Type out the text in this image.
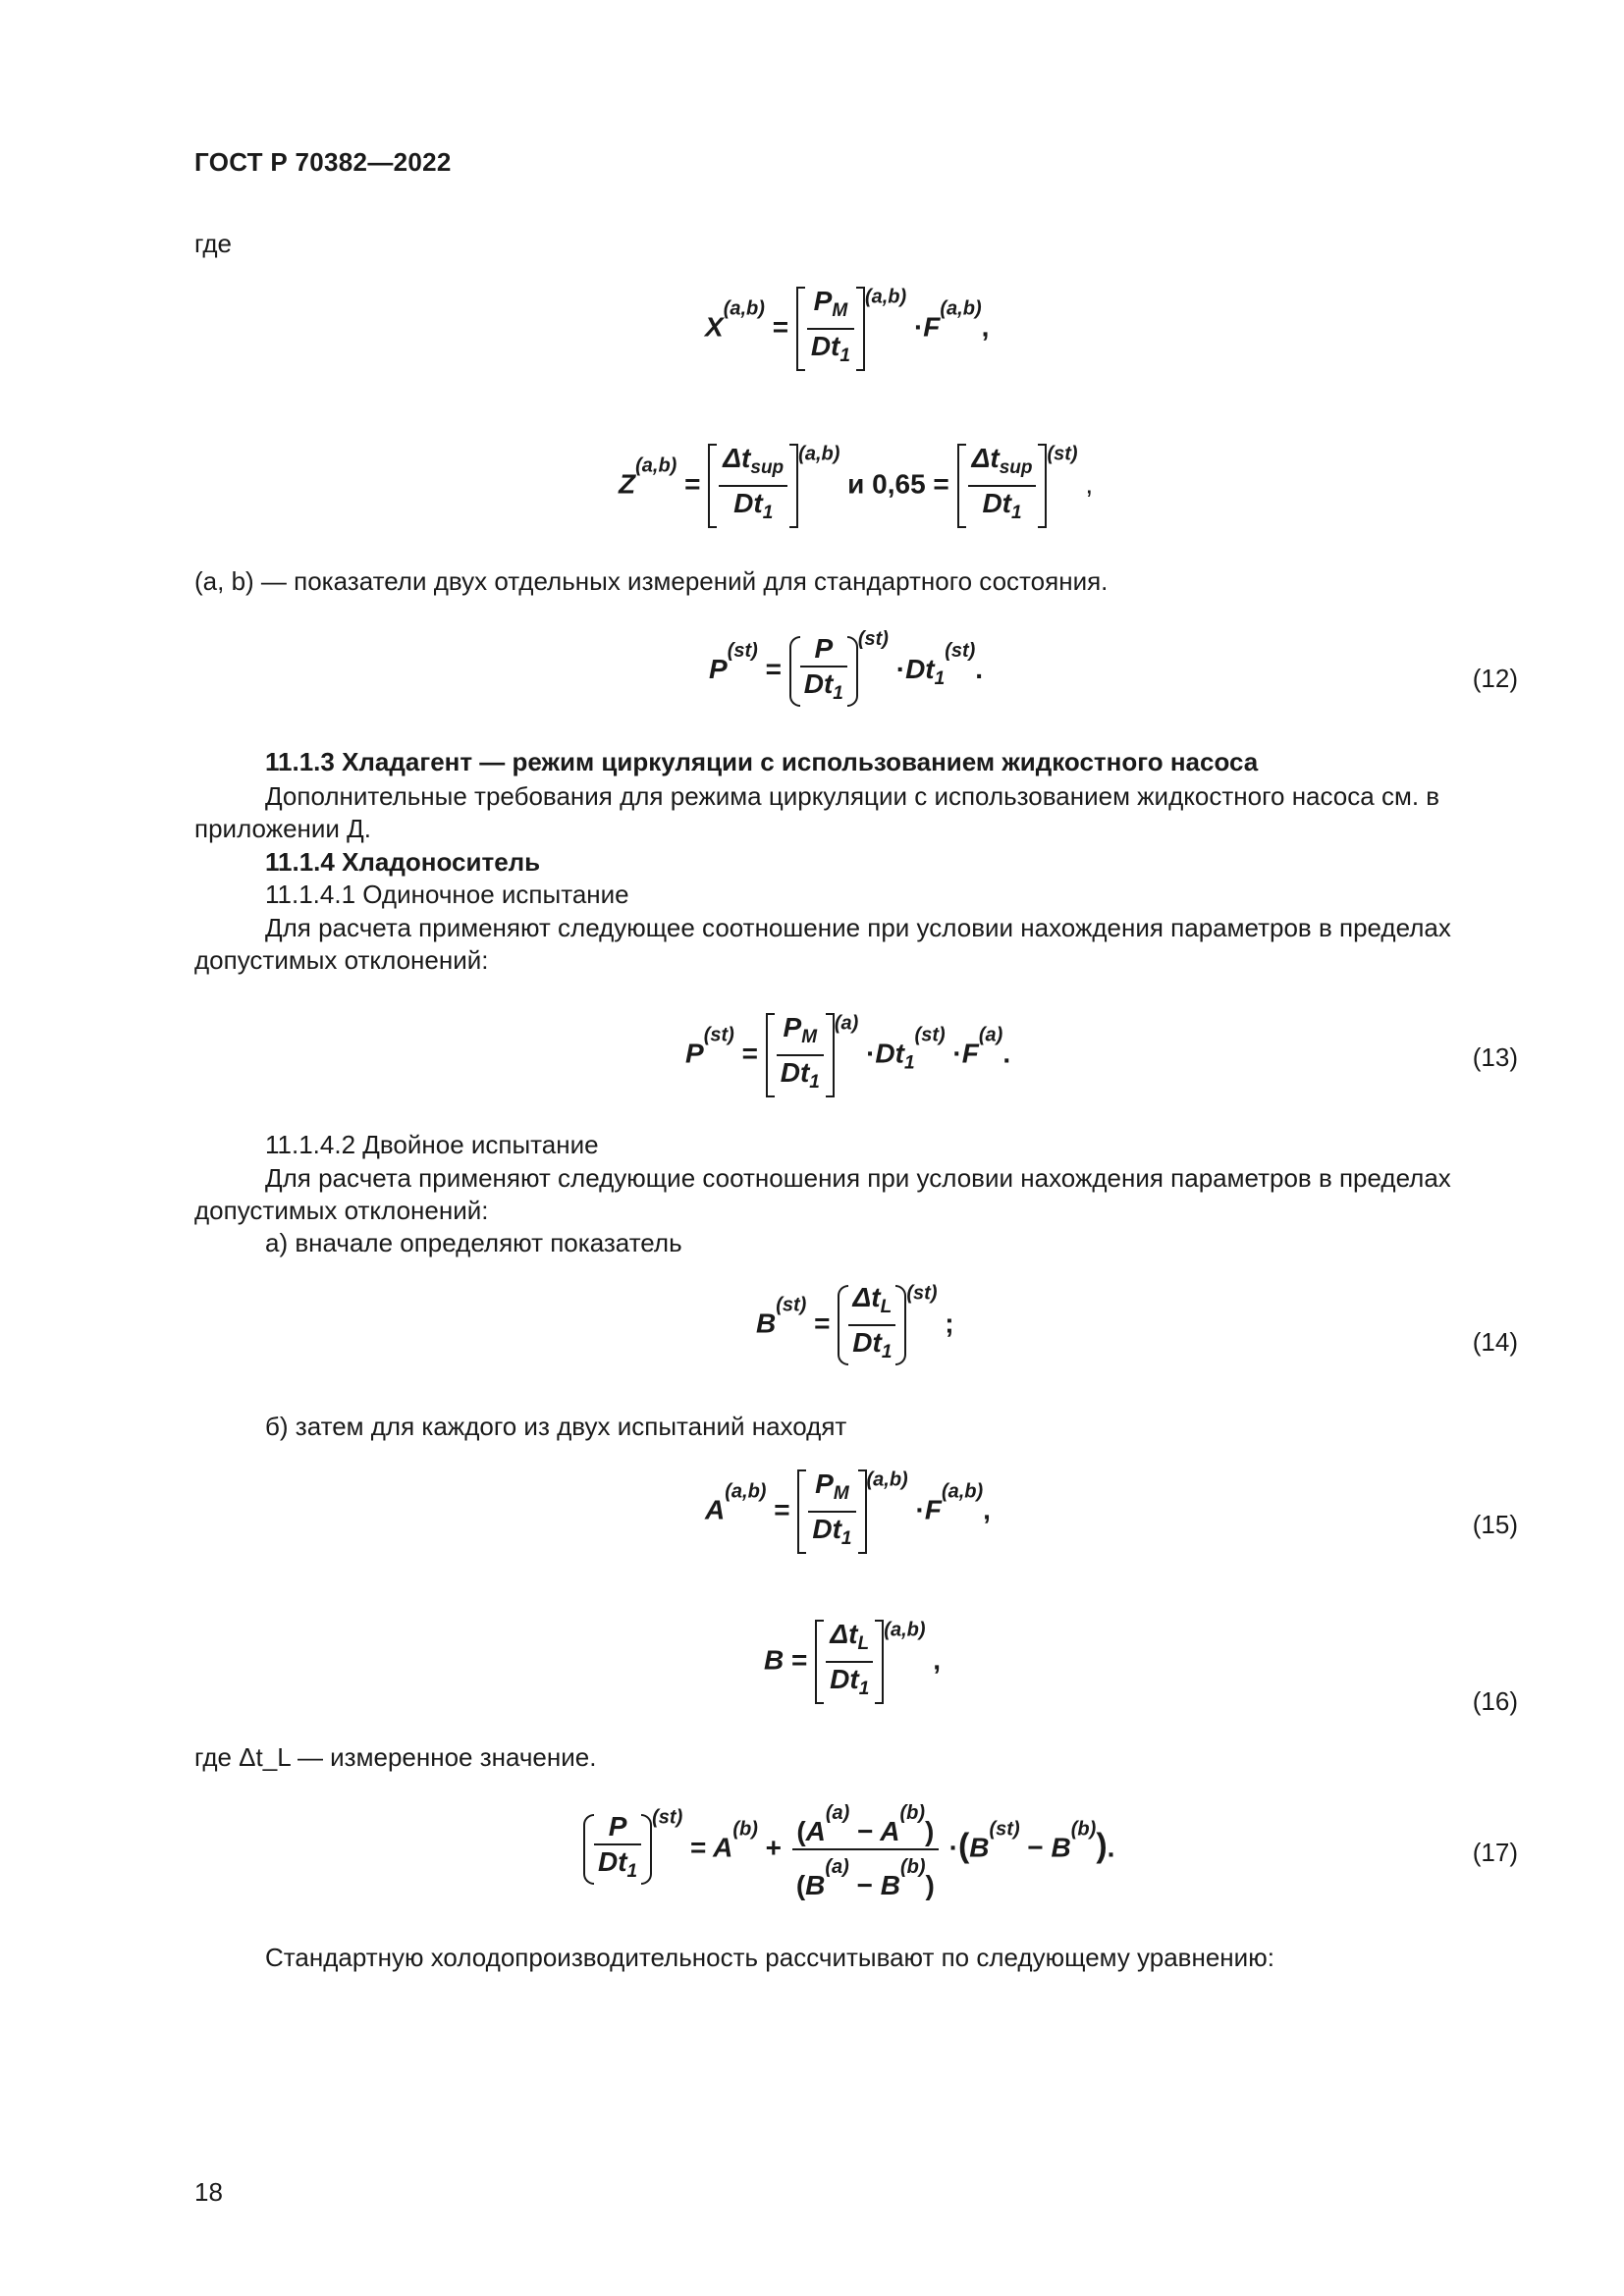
ГОСТ Р 70382—2022
где
$X^{(a,b)} = \frac{P_M}{Dt_1} ^{(a,b)} \cdot F^{(a,b)}$,
$Z^{(a,b)} = \frac{\Delta t_{sup}}{Dt_1} ^{(a,b)}$ и $0,65 = \frac{\Delta t_{sup}}{Dt_1} ^{(st)}$ ,
(a, b) — показатели двух отдельных измерений для стандартного состояния.
$P^{(st)} = \frac{P}{Dt_1} ^{(st)} \cdot Dt_1^{(st)}$.	(12)
11.1.3 Хладагент — режим циркуляции с использованием жидкостного насоса
Дополнительные требования для режима циркуляции с использованием жидкостного насоса см. в приложении Д.
11.1.4 Хладоноситель
11.1.4.1 Одиночное испытание
Для расчета применяют следующее соотношение при условии нахождения параметров в пределах допустимых отклонений:
$P^{(st)} = \frac{P_M}{Dt_1} ^{(a)} \cdot Dt_1^{(st)} \cdot F^{(a)}$.	(13)
11.1.4.2 Двойное испытание
Для расчета применяют следующие соотношения при условии нахождения параметров в пределах допустимых отклонений:
а) вначале определяют показатель
$B^{(st)} = \frac{\Delta t_L}{Dt_1} ^{(st)}$ ;
(14)
б) затем для каждого из двух испытаний находят
$A^{(a,b)} = \frac{P_M}{Dt_1} ^{(a,b)} \cdot F^{(a,b)}$,	(15)
$B = \frac{\Delta t_L}{Dt_1} ^{(a,b)}$ ,
(16)
где Δt_L — измеренное значение.
$\frac{P}{Dt_1} ^{(st)} = A^{(b)} + \frac{(A^{(a)} - A^{(b)})}{(B^{(a)} - B^{(b)})} \cdot(B^{(st)} - B^{(b)})$.	(17)
Стандартную холодопроизводительность рассчитывают по следующему уравнению:
18
